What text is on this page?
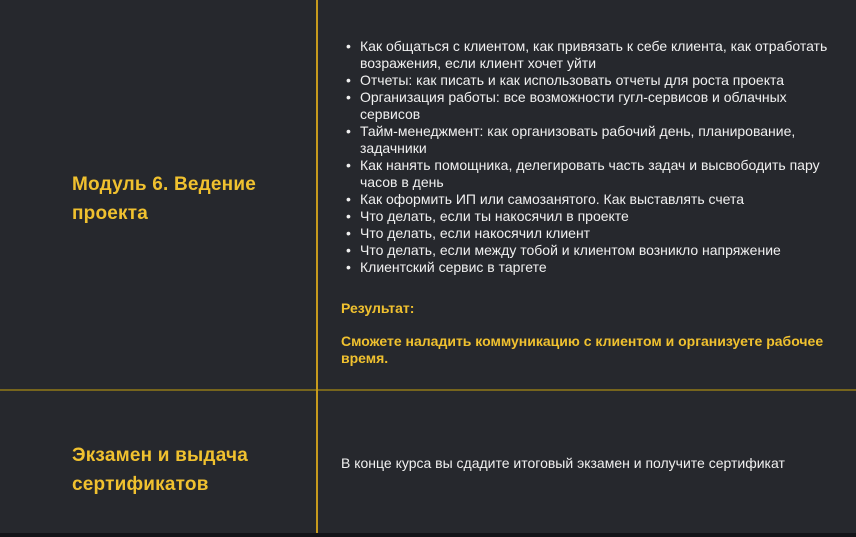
Модуль 6. Ведение проекта
• Как общаться с клиентом, как привязать к себе клиента, как отработать возражения, если клиент хочет уйти
• Отчеты: как писать и как использовать отчеты для роста проекта
• Организация работы: все возможности гугл-сервисов и облачных сервисов
• Тайм-менеджмент: как организовать рабочий день, планирование, задачники
• Как нанять помощника, делегировать часть задач и высвободить пару часов в день
• Как оформить ИП или самозанятого. Как выставлять счета
• Что делать, если ты накосячил в проекте
• Что делать, если накосячил клиент
• Что делать, если между тобой и клиентом возникло напряжение
• Клиентский сервис в таргете
Результат:
Сможете наладить коммуникацию с клиентом и организуете рабочее время.
Экзамен и выдача сертификатов
В конце курса вы сдадите итоговый экзамен и получите сертификат
